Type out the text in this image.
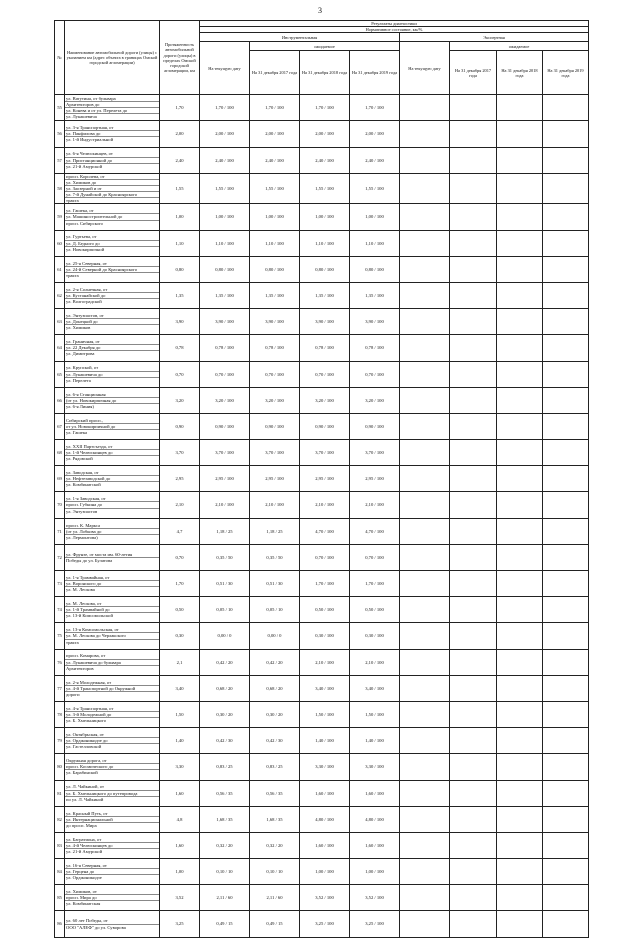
3
№	Наименование автомобильной дороги (улицы) с указанием км (адрес объекта в границах Омской городской агломерации)	Протяженность автомобильной дороги (улицы) в пределах Омской городской агломерации, км	Результаты диагностики							
			Нормативное состояние, км/%							
			Инструментальная				Экспертная			
			На текущую дату	ожидаемое			На текущую дату	ожидаемое		
				На 31 декабря 2017 года	На 31 декабря 2018 года	На 31 декабря 2019 года		На 31 декабря 2017 года	На 31 декабря 2018 года	На 31 декабря 2019 года
55	ул. Ватутина, от бульвара
Архитекторов до
ул. Конева и от ул. Перелета до
ул. Лукашевича	1,70	1,70 / 100	1,70 / 100	1,70 / 100	1,70 / 100				
56	ул. 3-я Транспортная, от
ул. Панфилова до
ул. 1-й Индустриальной	2,00	2,00 / 100	2,00 / 100	2,00 / 100	2,00 / 100				
57	ул. 6-я Челюскинцев, от
ул. Пристанционной до
ул. 21-й Амурской	2,40	2,40 / 100	2,40 / 100	2,40 / 100	2,40 / 100				
58	просп. Королева, от
ул. Химиков до
ул. Заозерной и от
ул. 7-й Дунайской до Красноярского
тракта	1,55	1,55 / 100	1,55 / 100	1,55 / 100	1,55 / 100				
59	ул. Гашека, от
ул. Машиностроительной до
просп. Сибирского	1,00	1,00 / 100	1,00 / 100	1,00 / 100	1,00 / 100				
60	ул. Гуртьева, от
ул. Д. Бедного до
ул. Новокирпичной	1,10	1,10 / 100	1,10 / 100	1,10 / 100	1,10 / 100				
61	ул. 25-я Северная, от
ул. 24-й Северной до Красноярского
тракта	0,80	0,80 / 100	0,80 / 100	0,80 / 100	0,80 / 100				
62	ул. 2-я Солнечная, от
ул. Кустанайской до
ул. Волгоградской	1,35	1,35 / 100	1,35 / 100	1,35 / 100	1,35 / 100				
63	ул. Энтузиастов, от
ул. Донецкой до
ул. Химиков	3,90	3,90 / 100	3,90 / 100	3,90 / 100	3,90 / 100				
64	ул. Граничная, от
ул. 22 Декабря до
ул. Димитрова	0,78	0,78 / 100	0,78 / 100	0,78 / 100	0,78 / 100				
65	ул. Крупской, от
ул. Лукашевича до
ул. Перелета	0,70	0,70 / 100	0,70 / 100	0,70 / 100	0,70 / 100				
66	ул. 6-я Станционная
(от ул. Новокирпичная до
ул. 6-я Линия)	3,20	3,20 / 100	3,20 / 100	3,20 / 100	3,20 / 100				
67	Сибирский просп.,
от ул. Новокирпичной до
ул. Гашека	0,90	0,90 / 100	0,90 / 100	0,90 / 100	0,90 / 100				
68	ул. XXII Партсъезда, от
ул. 1-й Челюскинцев до
ул. Рядовской	3,70	3,70 / 100	3,70 / 100	3,70 / 100	3,70 / 100				
69	ул. Заводская, от
ул. Нефтезаводской до
ул. Комбинатской	2,95	2,95 / 100	2,95 / 100	2,95 / 100	2,95 / 100				
70	ул. 1-я Заводская, от
просп. Губкина до
ул. Энтузиастов	2,10	2,10 / 100	2,10 / 100	2,10 / 100	2,10 / 100				
71	просп. К. Маркса
(от ул. Лобкова до
ул. Лермонтова)	4,7	1,18 / 25	1,18 / 25	4,70 / 100	4,70 / 100				
72	ул. Фрунзе, от моста им. 60-летия
Победы до ул. Булатова	0,70	0,35 / 50	0,35 / 50	0,70 / 100	0,70 / 100				
73	ул. 1-я Трамвайная, от
ул. Воронского до
ул. М. Лесковa	1,70	0,51 / 30	0,51 / 30	1,70 / 100	1,70 / 100				
74	ул. М. Лескова, от
ул. 1-й Трамвайной до
ул. 13-й Комсомольской	0,50	0,05 / 10	0,05 / 10	0,50 / 100	0,50 / 100				
75	ул. 13-я Комсомольская, от
ул. М. Лескова до Черлакского
тракта	0,30	0,00 / 0	0,00 / 0	0,30 / 100	0,30 / 100				
76	просп. Комарова, от
ул. Лукашевича до бульвара
Архитекторов	2,1	0,42 / 20	0,42 / 20	2,10 / 100	2,10 / 100				
77	ул. 2-я Молодежная, от
ул. 4-й Транспортной до Окружной
дороги	3,40	0,68 / 20	0,68 / 20	3,40 / 100	3,40 / 100				
78	ул. 4-я Транспортная, от
ул. 3-й Молодежной до
ул. Б. Хмельницкого	1,50	0,30 / 20	0,30 / 20	1,50 / 100	1,50 / 100				
79	ул. Октябрьская, от
ул. Орджоникидзе до
ул. Гастелловской	1,40	0,42 / 30	0,42 / 30	1,40 / 100	1,40 / 100				
80	Окружная дорога, от
просп. Космического до
ул. Барабинской	3,30	0,83 / 25	0,83 / 25	3,30 / 100	3,30 / 100				
81	ул. Л. Чайкиной, от
ул. Б. Хмельницкого до путепровода
по ул. Л. Чайкиной	1,60	0,56 / 35	0,56 / 35	1,60 / 100	1,60 / 100				
82	ул. Красный Путь, от
ул. Интернациональной
до просп. Мира	4,8	1,68 / 35	1,68 / 35	4,80 / 100	4,80 / 100				
83	ул. Багратиона, от
ул. 4-й Челюскинцев до
ул. 21-й Амурской	1,60	0,32 / 20	0,32 / 20	1,60 / 100	1,60 / 100				
84	ул. 16-я Северная, от
ул. Герцена до
ул. Орджоникидзе	1,00	0,10 / 10	0,10 / 10	1,00 / 100	1,00 / 100				
85	ул. Химиков, от
просп. Мира до
ул. Комбинатская	3,52	2,11 / 60	2,11 / 60	3,52 / 100	3,52 / 100				
86	ул. 60 лет Победы, от
ООО "АЛЕФ" до ул. Суворова	3,25	0,49 / 15	0,49 / 15	3,25 / 100	3,25 / 100				
